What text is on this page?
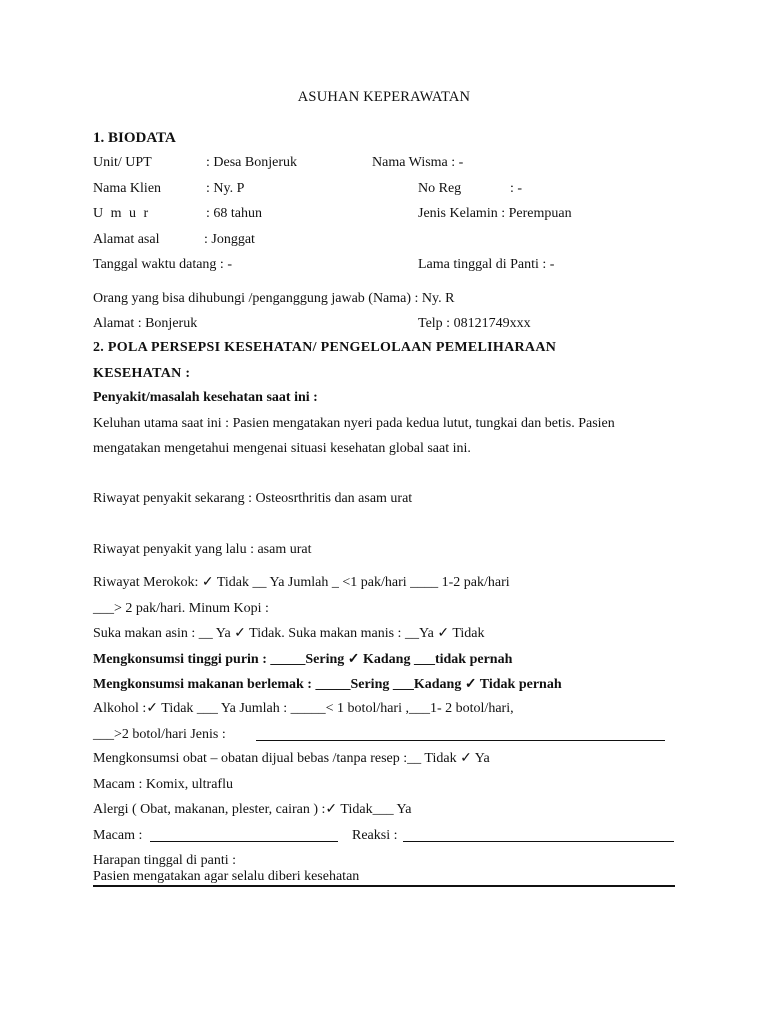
ASUHAN KEPERAWATAN
1. BIODATA
Unit/ UPT	: Desa Bonjeruk	Nama Wisma : -
Nama Klien	: Ny. P	No Reg	: -
U m u r	: 68 tahun	Jenis Kelamin : Perempuan
Alamat asal	: Jonggat
Tanggal waktu datang : -	Lama tinggal di Panti : -
Orang yang bisa dihubungi /penganggung jawab (Nama) : Ny. R
Alamat : Bonjeruk	Telp : 08121749xxx
2. POLA PERSEPSI KESEHATAN/ PENGELOLAAN PEMELIHARAAN
KESEHATAN :
Penyakit/masalah kesehatan saat ini :
Keluhan utama saat ini : Pasien mengatakan nyeri pada kedua lutut, tungkai dan betis. Pasien
mengatakan mengetahui mengenai situasi kesehatan global saat ini.
Riwayat penyakit sekarang : Osteosrthritis dan asam urat
Riwayat penyakit yang lalu : asam urat
Riwayat Merokok: ✓ Tidak __ Ya Jumlah _ <1 pak/hari ____ 1-2 pak/hari
___> 2 pak/hari. Minum Kopi :
Suka makan asin : __ Ya ✓ Tidak. Suka makan manis : __Ya ✓ Tidak
Mengkonsumsi tinggi purin : _____Sering ✓ Kadang ___tidak pernah
Mengkonsumsi makanan berlemak : _____Sering ___Kadang ✓ Tidak pernah
Alkohol :✓ Tidak ___ Ya Jumlah : _____< 1 botol/hari ,___1- 2 botol/hari,
___>2 botol/hari Jenis :
Mengkonsumsi obat – obatan dijual bebas /tanpa resep :__ Tidak ✓ Ya
Macam : Komix, ultraflu
Alergi ( Obat, makanan, plester, cairan ) :✓ Tidak___ Ya
Macam :	Reaksi :
Harapan tinggal di panti :
Pasien mengatakan agar selalu diberi kesehatan
